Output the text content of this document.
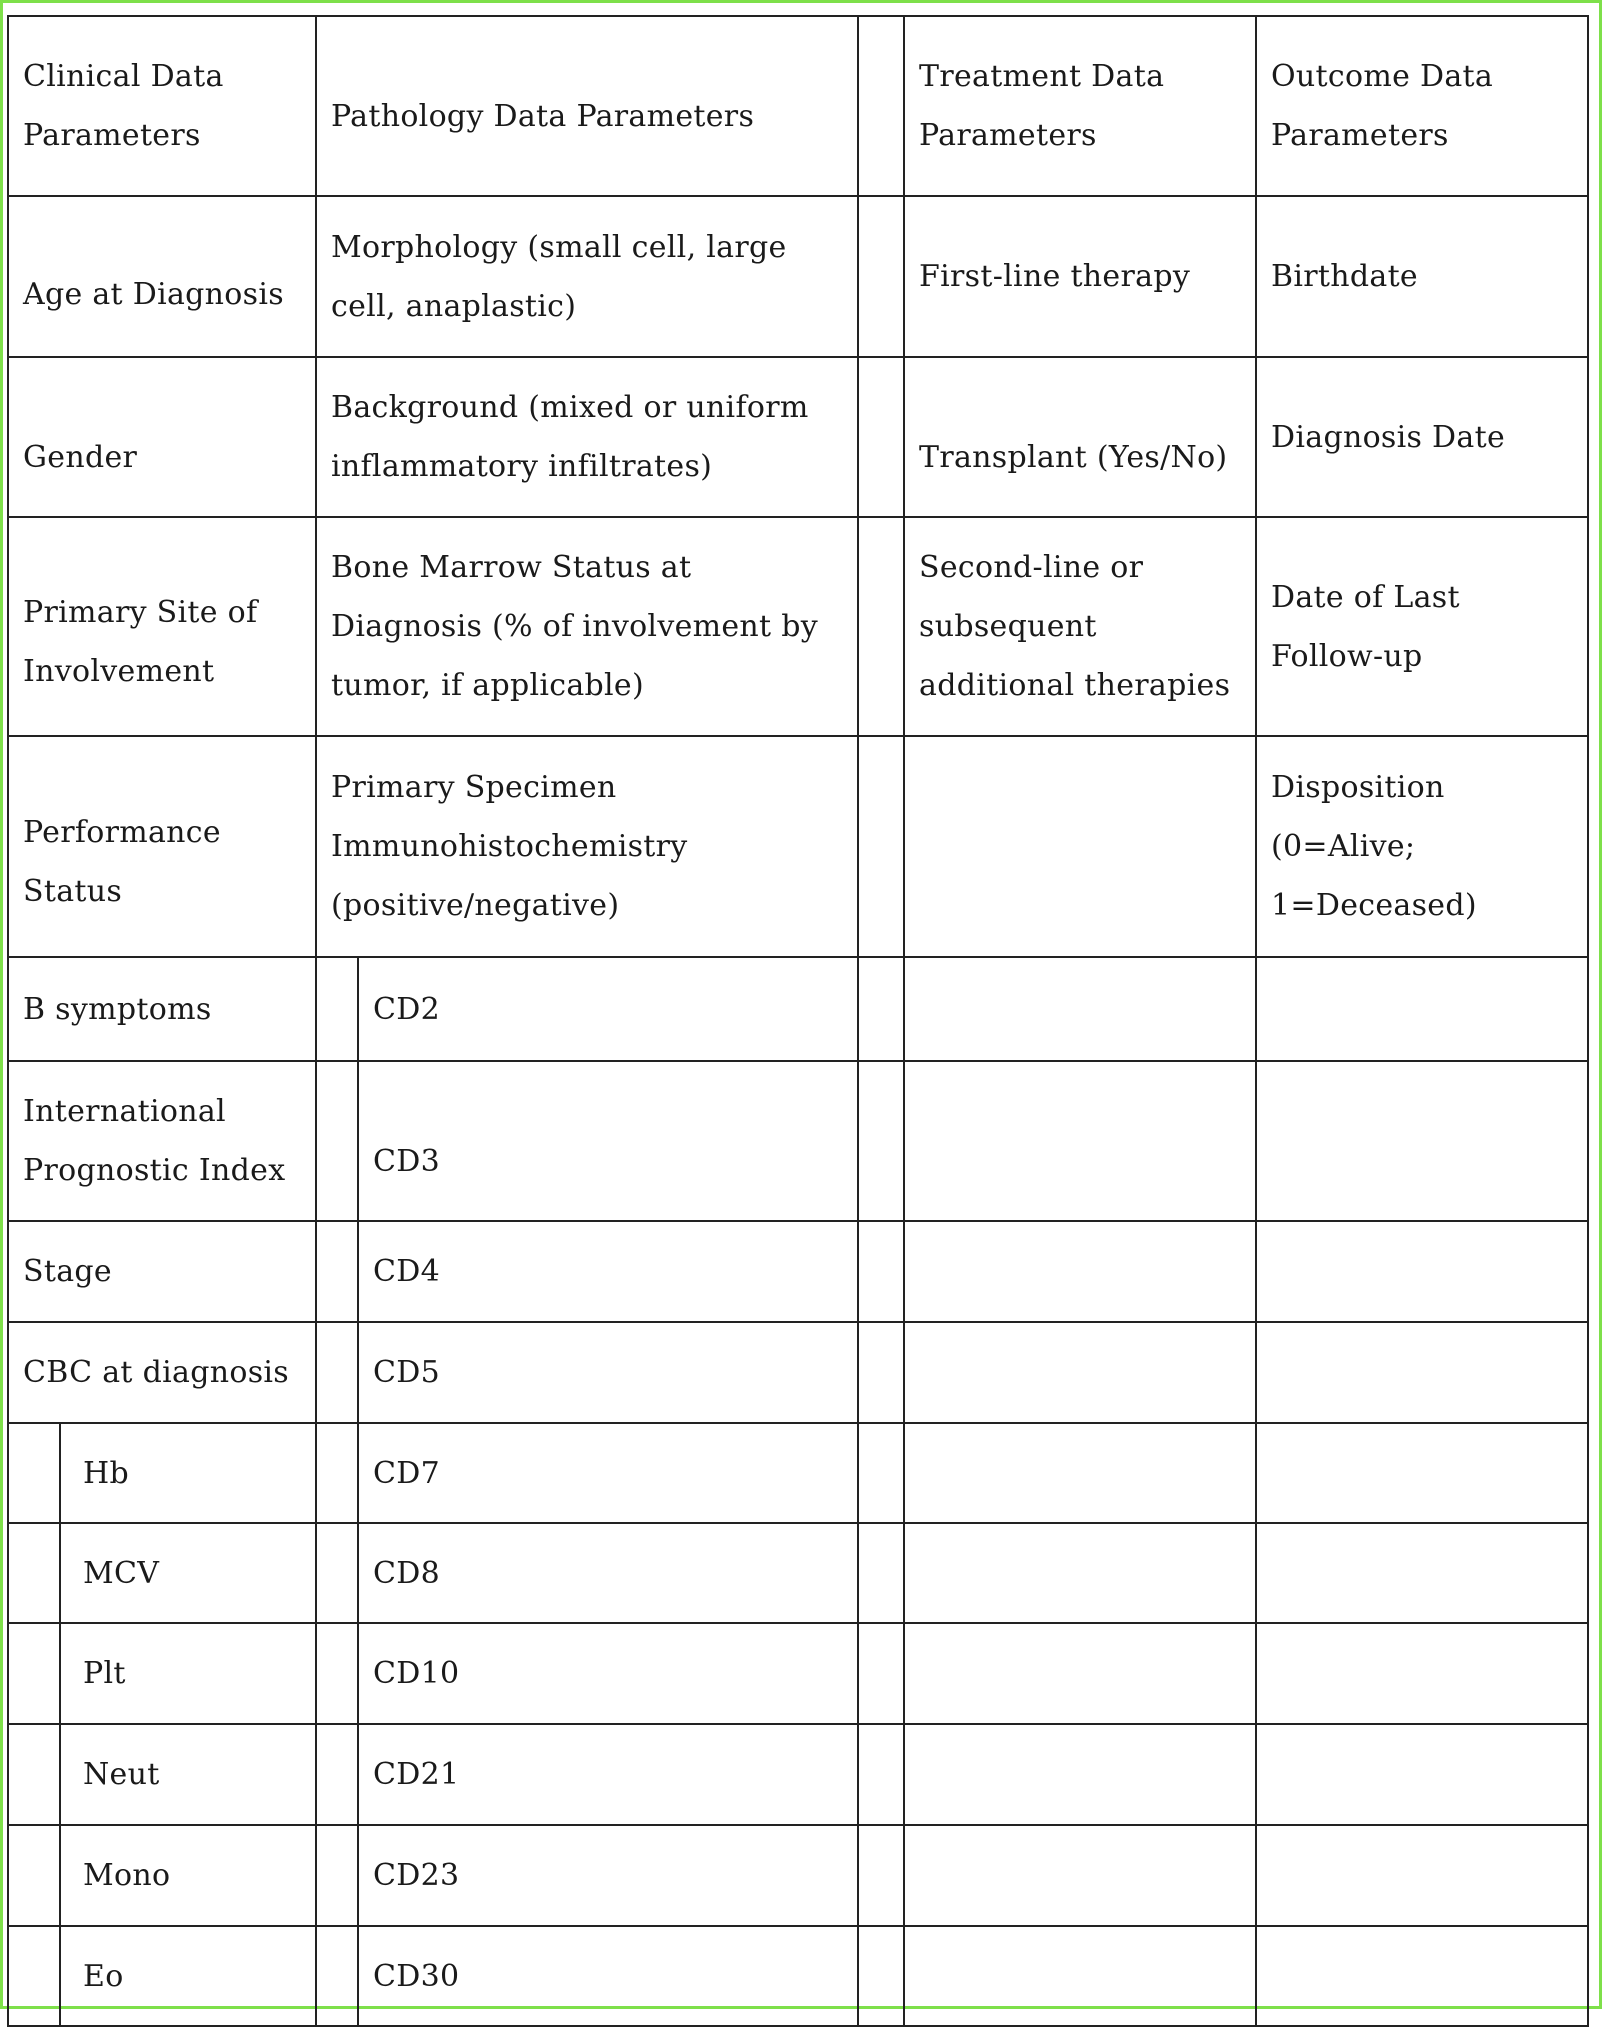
Clinical Data Parameters		Pathology Data Parameters			Treatment Data Parameters	Outcome Data Parameters
Age at Diagnosis		Morphology (small cell, large cell, anaplastic)			First-line therapy	Birthdate
Gender		Background (mixed or uniform inflammatory infiltrates)			Transplant (Yes/No)	Diagnosis Date
Primary Site of Involvement		Bone Marrow Status at Diagnosis (% of involvement by tumor, if applicable)			Second-line or subsequent additional therapies	Date of Last Follow-up
Performance Status		Primary Specimen Immunohistochemistry (positive/negative)				Disposition (0=Alive; 1=Deceased)
B symptoms			CD2			
International Prognostic Index			CD3			
Stage			CD4			
CBC at diagnosis			CD5			
	Hb		CD7			
	MCV		CD8			
	Plt		CD10			
	Neut		CD21			
	Mono		CD23			
	Eo		CD30			
